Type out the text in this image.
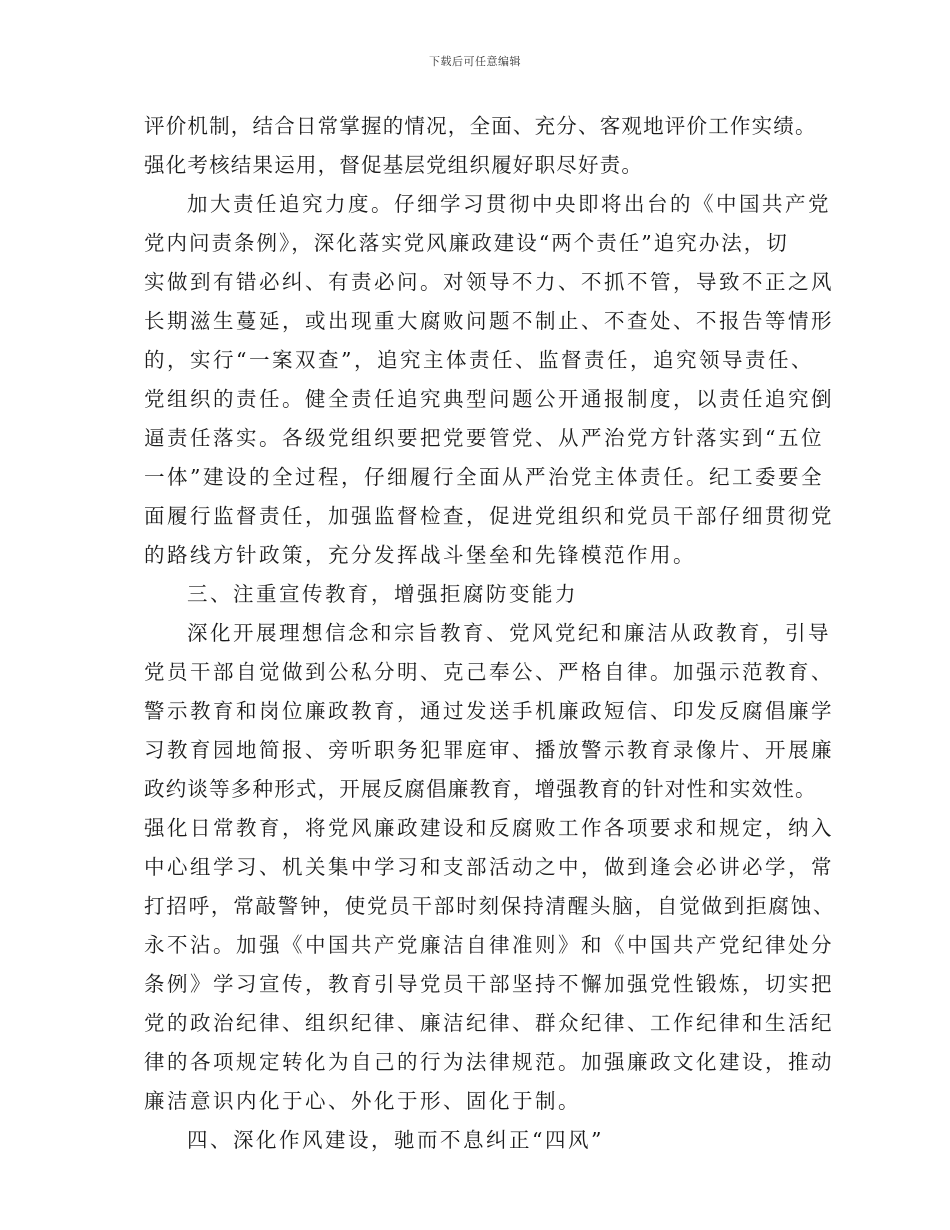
下载后可任意编辑
评价机制，结合日常掌握的情况，全面、充分、客观地评价工作实绩。
强化考核结果运用，督促基层党组织履好职尽好责。
加大责任追究力度。仔细学习贯彻中央即将出台的《中国共产党
党内问责条例》，深化落实党风廉政建设“两个责任”追究办法，切
实做到有错必纠、有责必问。对领导不力、不抓不管，导致不正之风
长期滋生蔓延，或出现重大腐败问题不制止、不查处、不报告等情形
的，实行“一案双查”，追究主体责任、监督责任，追究领导责任、
党组织的责任。健全责任追究典型问题公开通报制度，以责任追究倒
逼责任落实。各级党组织要把党要管党、从严治党方针落实到“五位
一体”建设的全过程，仔细履行全面从严治党主体责任。纪工委要全
面履行监督责任，加强监督检查，促进党组织和党员干部仔细贯彻党
的路线方针政策，充分发挥战斗堡垒和先锋模范作用。
三、注重宣传教育，增强拒腐防变能力
深化开展理想信念和宗旨教育、党风党纪和廉洁从政教育，引导
党员干部自觉做到公私分明、克己奉公、严格自律。加强示范教育、
警示教育和岗位廉政教育，通过发送手机廉政短信、印发反腐倡廉学
习教育园地简报、旁听职务犯罪庭审、播放警示教育录像片、开展廉
政约谈等多种形式，开展反腐倡廉教育，增强教育的针对性和实效性。
强化日常教育，将党风廉政建设和反腐败工作各项要求和规定，纳入
中心组学习、机关集中学习和支部活动之中，做到逢会必讲必学，常
打招呼，常敲警钟，使党员干部时刻保持清醒头脑，自觉做到拒腐蚀、
永不沾。加强《中国共产党廉洁自律准则》和《中国共产党纪律处分
条例》学习宣传，教育引导党员干部坚持不懈加强党性锻炼，切实把
党的政治纪律、组织纪律、廉洁纪律、群众纪律、工作纪律和生活纪
律的各项规定转化为自己的行为法律规范。加强廉政文化建设，推动
廉洁意识内化于心、外化于形、固化于制。
四、深化作风建设，驰而不息纠正“四风”
